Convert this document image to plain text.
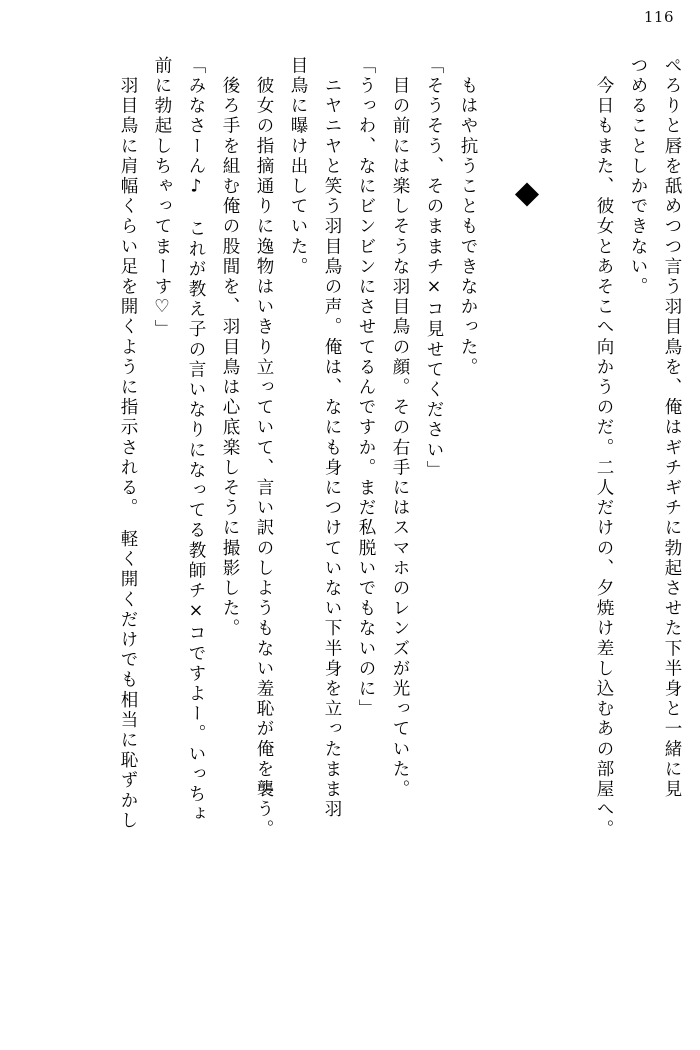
116
ぺろりと唇を舐めつつ言う羽目鳥を、俺はギチギチに勃起させた下半身と一緒に見
つめることしかできない。
　今日もまた、彼女とあそこへ向かうのだ。二人だけの、夕焼け差し込むあの部屋へ。

　もはや抗うこともできなかった。
「そうそう、そのままチ×コ見せてください」
　目の前には楽しそうな羽目鳥の顔。その右手にはスマホのレンズが光っていた。
「うっわ、なにビンビンにさせてるんですか。まだ私脱いでもないのに」
　ニヤニヤと笑う羽目鳥の声。俺は、なにも身につけていない下半身を立ったまま羽
目鳥に曝け出していた。
　彼女の指摘通りに逸物はいきり立っていて、言い訳のしようもない羞恥が俺を襲う。
　後ろ手を組む俺の股間を、羽目鳥は心底楽しそうに撮影した。
「みなさーん♪　これが教え子の言いなりになってる教師チ×コですよー。いっちょ
前に勃起しちゃってまーす♡」
　羽目鳥に肩幅くらい足を開くように指示される。　軽く開くだけでも相当に恥ずかし
